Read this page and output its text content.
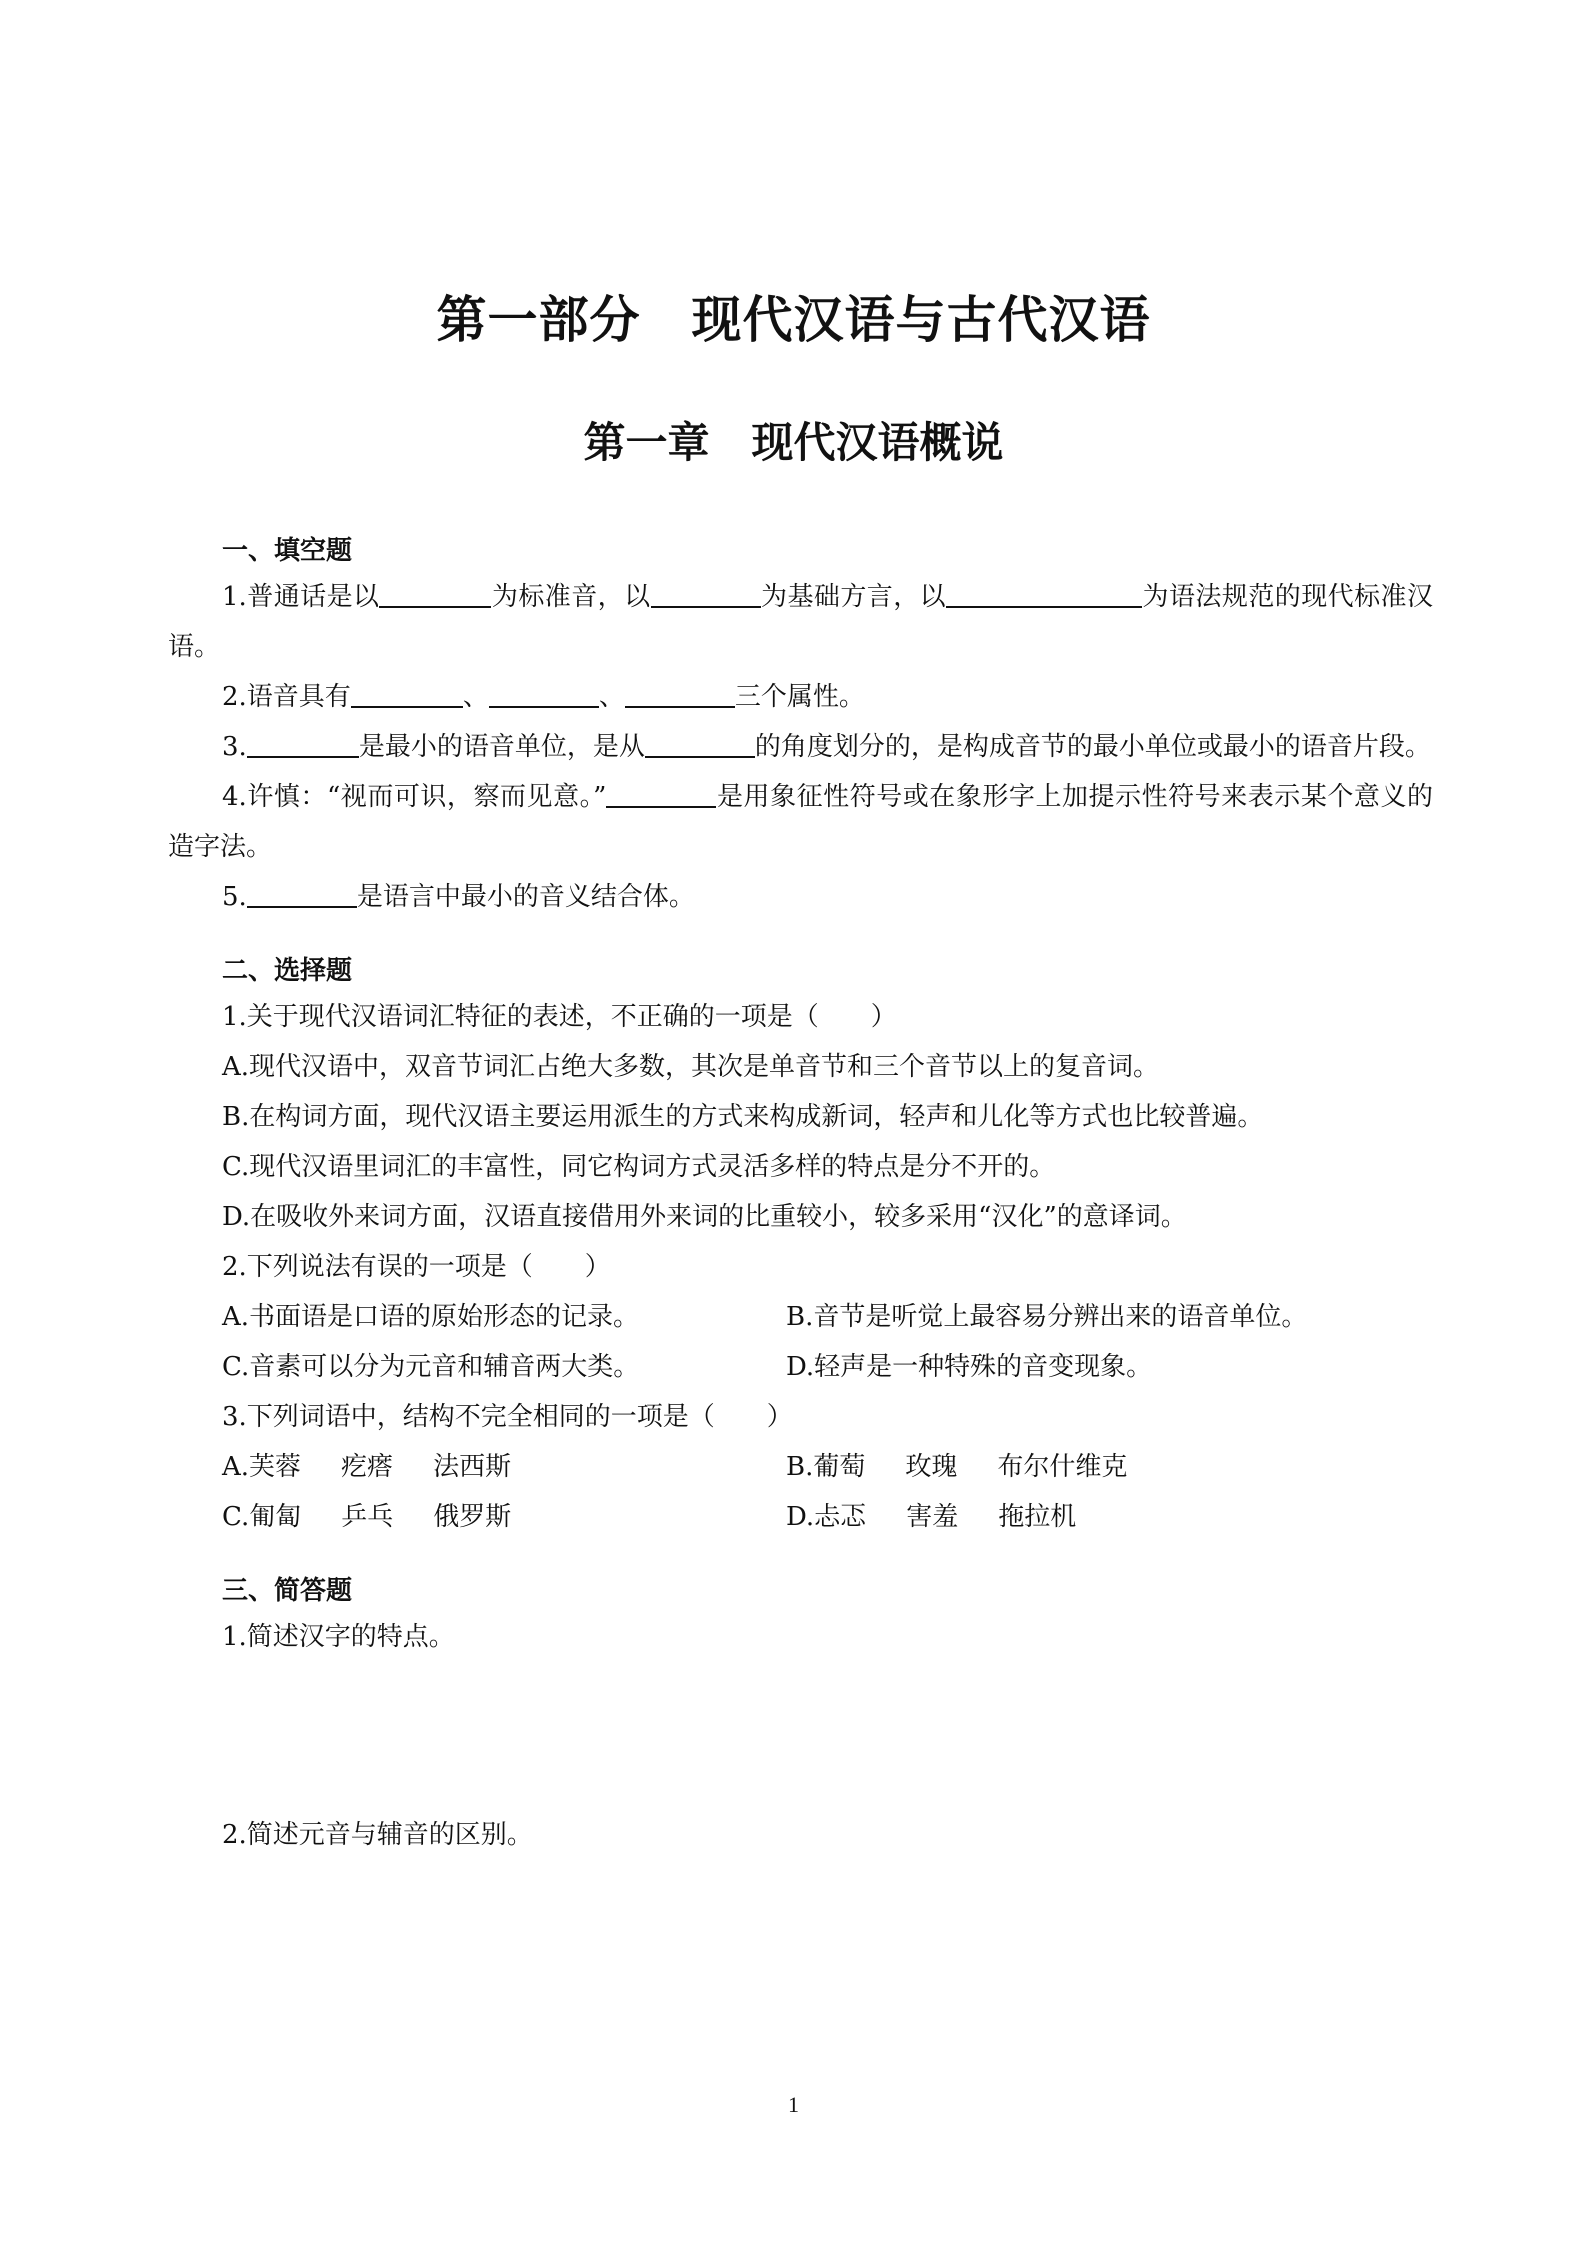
第一部分　现代汉语与古代汉语
第一章　现代汉语概说
一、填空题

1.普通话是以	为标准音，以	为基础方言，以	为语法规范的现代标准汉语。

2.语音具有	、	、	三个属性。

3.	是最小的语音单位，是从	的角度划分的，是构成音节的最小单位或最小的语音片段。

4.许慎：“视而可识，察而见意。”	是用象征性符号或在象形字上加提示性符号来表示某个意义的造字法。

5.	是语言中最小的音义结合体。

二、选择题
1.关于现代汉语词汇特征的表述，不正确的一项是（　　）
A.现代汉语中，双音节词汇占绝大多数，其次是单音节和三个音节以上的复音词。
B.在构词方面，现代汉语主要运用派生的方式来构成新词，轻声和儿化等方式也比较普遍。
C.现代汉语里词汇的丰富性，同它构词方式灵活多样的特点是分不开的。
D.在吸收外来词方面，汉语直接借用外来词的比重较小，较多采用“汉化”的意译词。
2.下列说法有误的一项是（　　）
A.书面语是口语的原始形态的记录。	B.音节是听觉上最容易分辨出来的语音单位。
C.音素可以分为元音和辅音两大类。	D.轻声是一种特殊的音变现象。
3.下列词语中，结构不完全相同的一项是（　　）
A.芙蓉 疙瘩 法西斯	B.葡萄 玫瑰 布尔什维克
C.匍匐 乒乓 俄罗斯	D.忐忑 害羞 拖拉机
三、简答题
1.简述汉字的特点。
2.简述元音与辅音的区别。
1
